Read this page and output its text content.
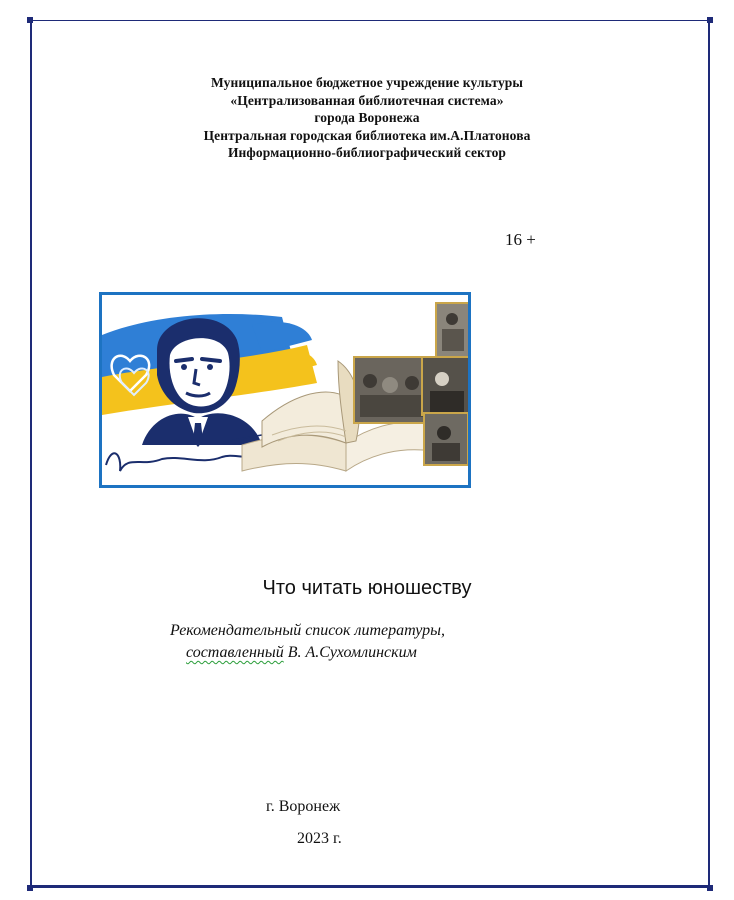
Муниципальное бюджетное учреждение культуры
«Централизованная библиотечная система»
города Воронежа
Центральная городская библиотека им.А.Платонова
Информационно-библиографический сектор
16 +
Что читать юношеству
Рекомендательный список литературы,
составленный В. А.Сухомлинским
г. Воронеж
2023 г.
